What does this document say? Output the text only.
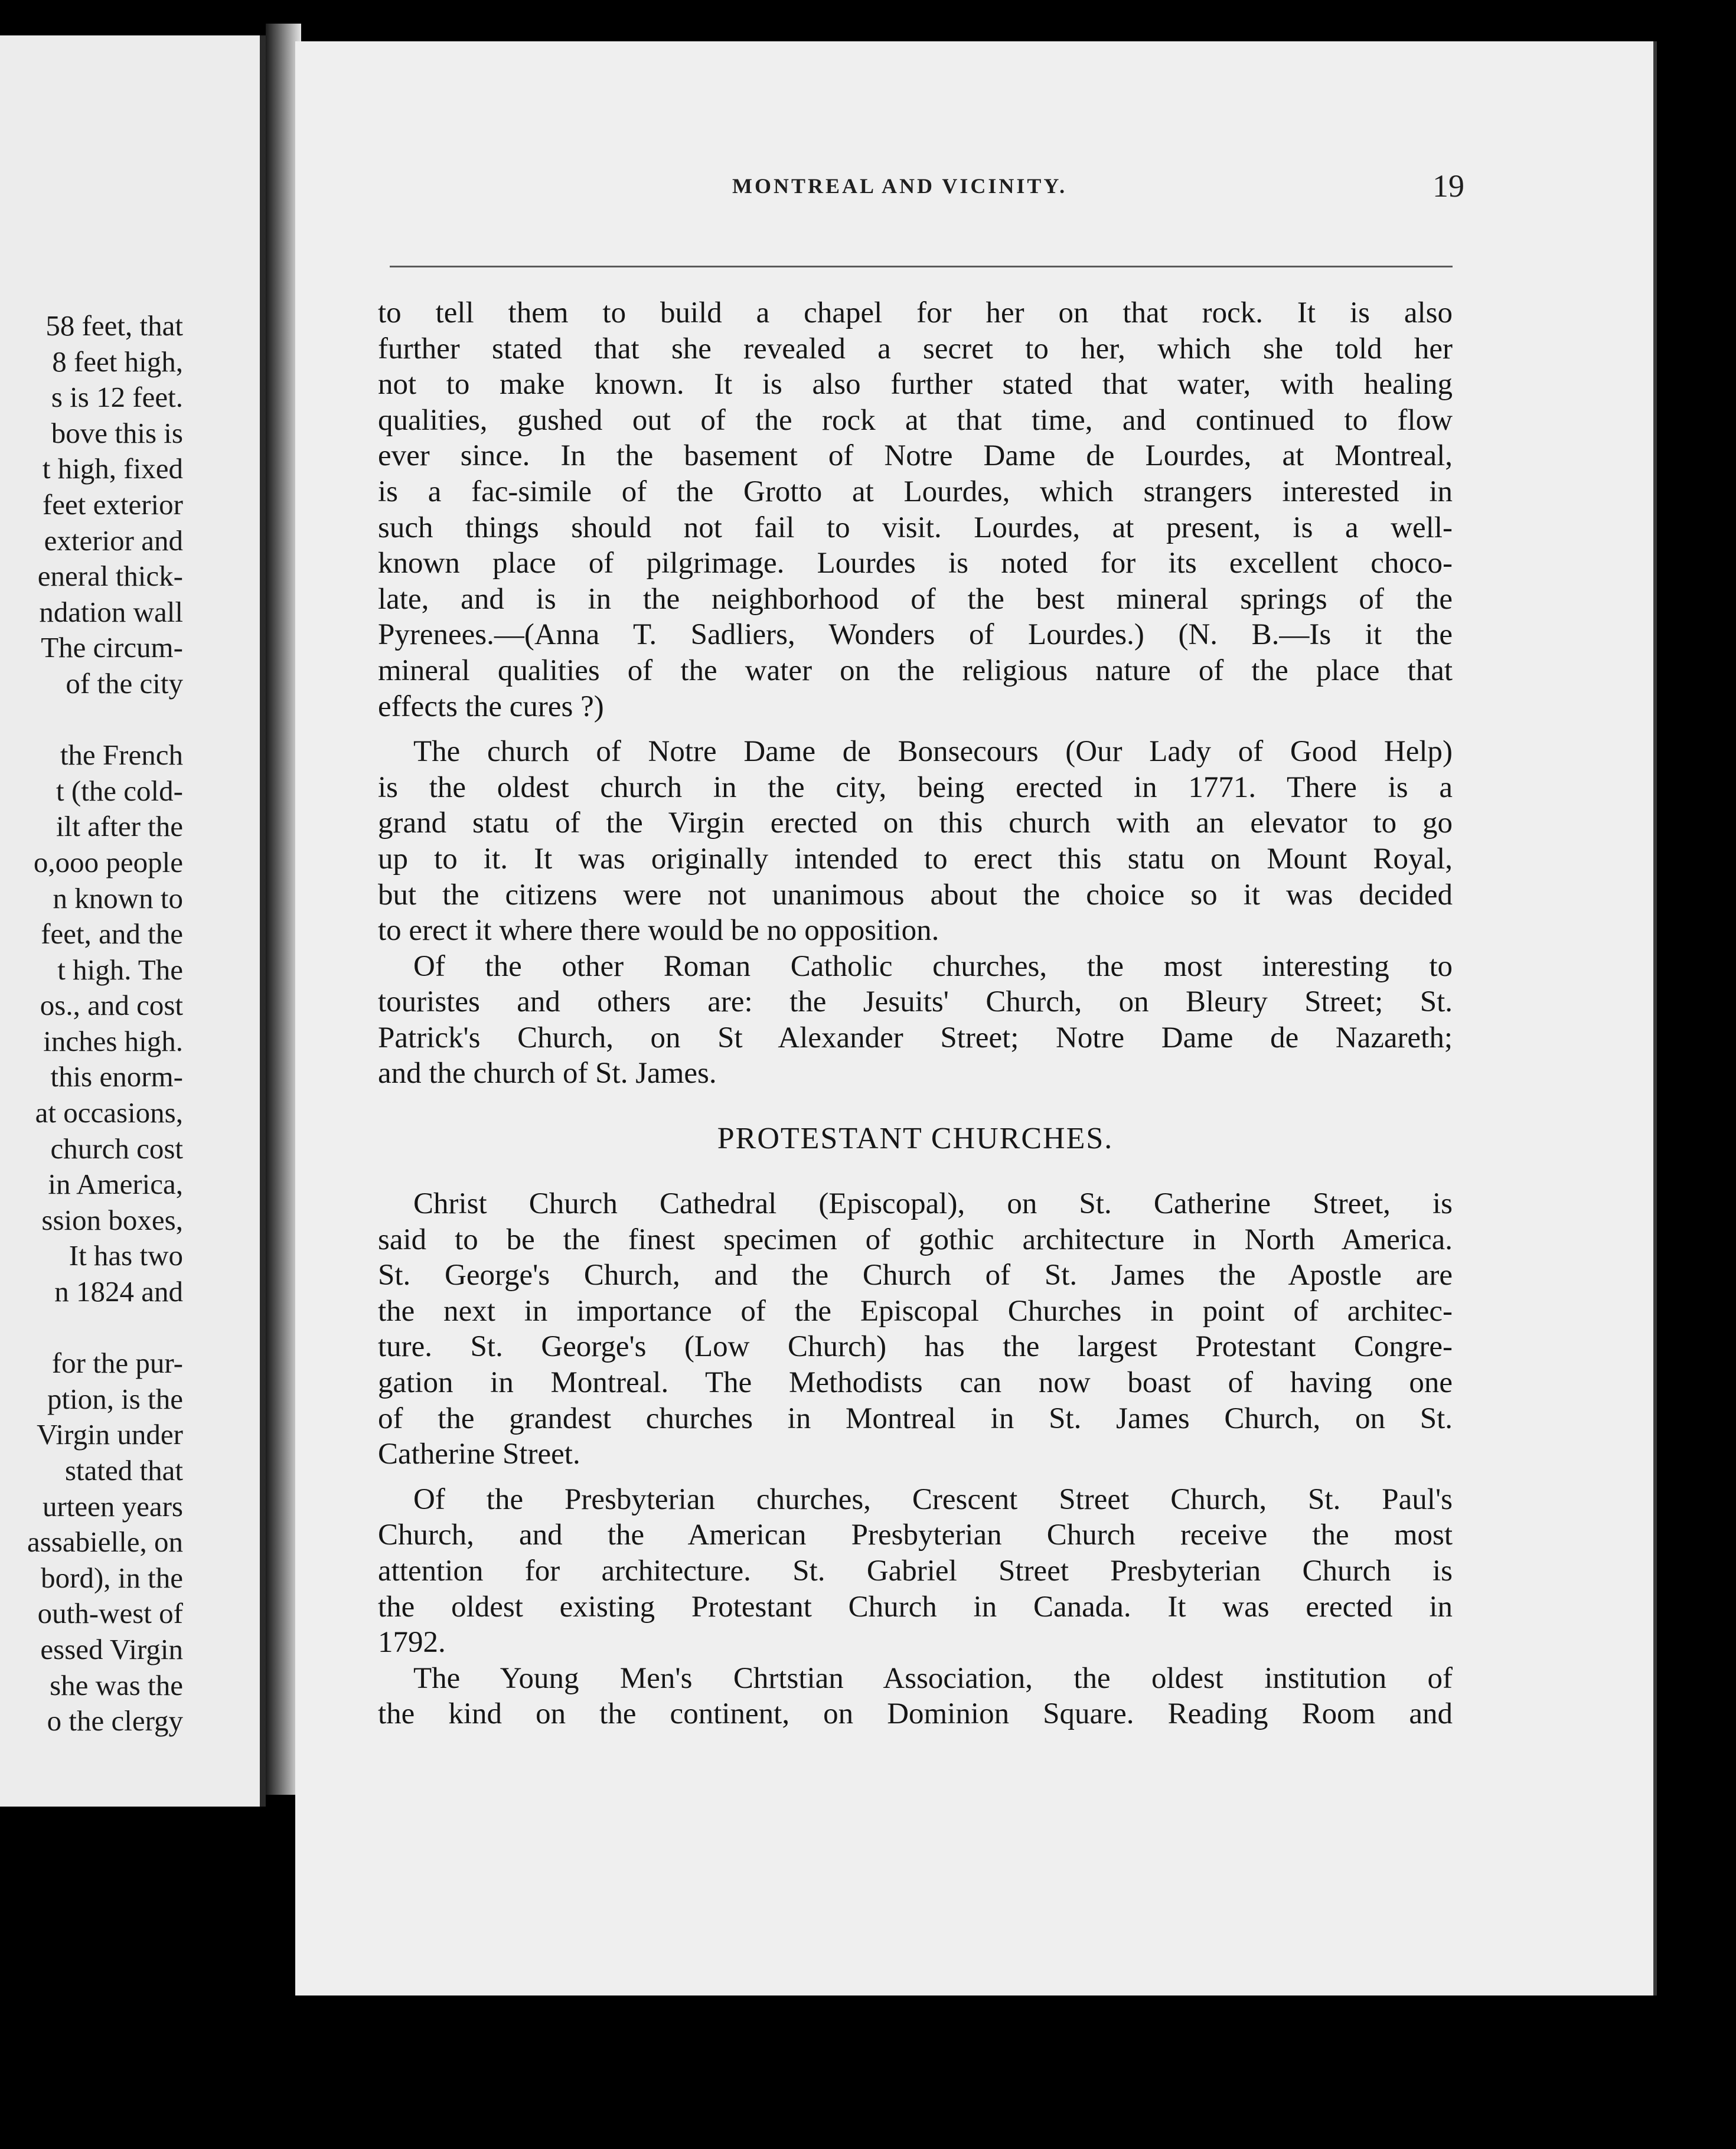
58 feet, that
8 feet high,
s is 12 feet.
bove this is
t high, fixed
feet exterior
exterior and
eneral thick-
ndation wall
The circum-
of the city
the French
t (the cold-
ilt after the
o,ooo people
n known to
feet, and the
t high. The
os., and cost
inches high.
this enorm-
at occasions,
church cost
in America,
ssion boxes,
It has two
n 1824 and
for the pur-
ption, is the
Virgin under
stated that
urteen years
assabielle, on
bord), in the
outh-west of
essed Virgin
she was the
o the clergy
MONTREAL AND VICINITY.	19
to tell them to build a chapel for her on that rock. It is also
further stated that she revealed a secret to her, which she told her
not to make known. It is also further stated that water, with healing
qualities, gushed out of the rock at that time, and continued to flow
ever since. In the basement of Notre Dame de Lourdes, at Montreal,
is a fac-simile of the Grotto at Lourdes, which strangers interested in
such things should not fail to visit. Lourdes, at present, is a well-
known place of pilgrimage. Lourdes is noted for its excellent choco-
late, and is in the neighborhood of the best mineral springs of the
Pyrenees.—(Anna T. Sadliers, Wonders of Lourdes.) (N. B.—Is it the
mineral qualities of the water on the religious nature of the place that
effects the cures ?)
The church of Notre Dame de Bonsecours (Our Lady of Good Help)
is the oldest church in the city, being erected in 1771. There is a
grand statu of the Virgin erected on this church with an elevator to go
up to it. It was originally intended to erect this statu on Mount Royal,
but the citizens were not unanimous about the choice so it was decided
to erect it where there would be no opposition.
Of the other Roman Catholic churches, the most interesting to
touristes and others are: the Jesuits' Church, on Bleury Street; St.
Patrick's Church, on St Alexander Street; Notre Dame de Nazareth;
and the church of St. James.
PROTESTANT CHURCHES.
Christ Church Cathedral (Episcopal), on St. Catherine Street, is
said to be the finest specimen of gothic architecture in North America.
St. George's Church, and the Church of St. James the Apostle are
the next in importance of the Episcopal Churches in point of architec-
ture. St. George's (Low Church) has the largest Protestant Congre-
gation in Montreal. The Methodists can now boast of having one
of the grandest churches in Montreal in St. James Church, on St.
Catherine Street.
Of the Presbyterian churches, Crescent Street Church, St. Paul's
Church, and the American Presbyterian Church receive the most
attention for architecture. St. Gabriel Street Presbyterian Church is
the oldest existing Protestant Church in Canada. It was erected in
1792.
The Young Men's Chrtstian Association, the oldest institution of
the kind on the continent, on Dominion Square. Reading Room and
